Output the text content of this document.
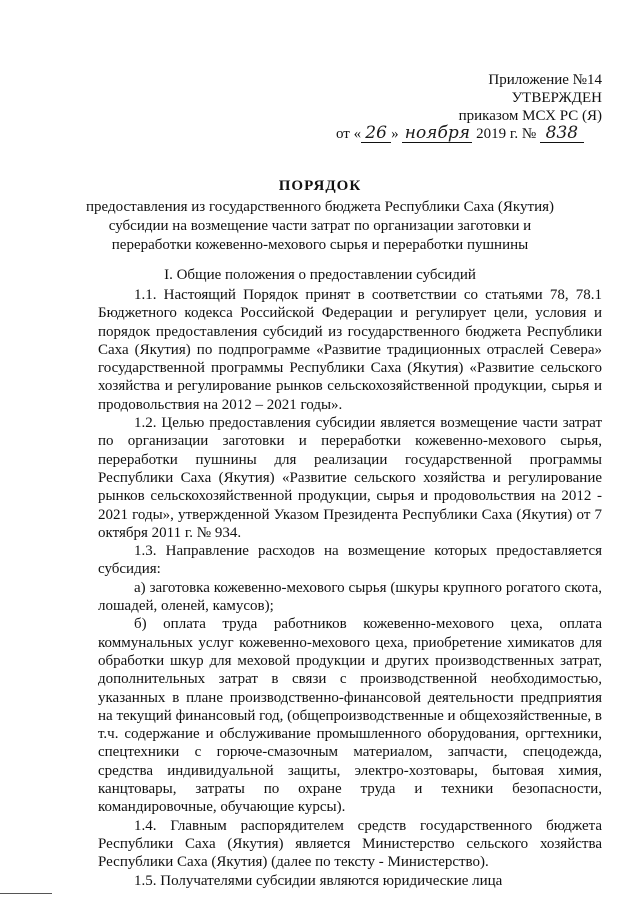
Приложение №14
УТВЕРЖДЕН
приказом МСХ РС (Я)
от « 26 » ноября 2019 г. № 838
ПОРЯДОК
предоставления из государственного бюджета Республики Саха (Якутия) субсидии на возмещение части затрат по организации заготовки и переработки кожевенно-мехового сырья и переработки пушнины
I. Общие положения о предоставлении субсидий

1.1. Настоящий Порядок принят в соответствии со статьями 78, 78.1 Бюджетного кодекса Российской Федерации и регулирует цели, условия и порядок предоставления субсидий из государственного бюджета Республики Саха (Якутия) по подпрограмме «Развитие традиционных отраслей Севера» государственной программы Республики Саха (Якутия) «Развитие сельского хозяйства и регулирование рынков сельскохозяйственной продукции, сырья и продовольствия на 2012 – 2021 годы».

1.2. Целью предоставления субсидии является возмещение части затрат по организации заготовки и переработки кожевенно-мехового сырья, переработки пушнины для реализации государственной программы Республики Саха (Якутия) «Развитие сельского хозяйства и регулирование рынков сельскохозяйственной продукции, сырья и продовольствия на 2012 - 2021 годы», утвержденной Указом Президента Республики Саха (Якутия) от 7 октября 2011 г. № 934.

1.3. Направление расходов на возмещение которых предоставляется субсидия:

а) заготовка кожевенно-мехового сырья (шкуры крупного рогатого скота, лошадей, оленей, камусов);

б) оплата труда работников кожевенно-мехового цеха, оплата коммунальных услуг кожевенно-мехового цеха, приобретение химикатов для обработки шкур для меховой продукции и других производственных затрат, дополнительных затрат в связи с производственной необходимостью, указанных в плане производственно-финансовой деятельности предприятия на текущий финансовый год, (общепроизводственные и общехозяйственные, в т.ч. содержание и обслуживание промышленного оборудования, оргтехники, спецтехники с горюче-смазочным материалом, запчасти, спецодежда, средства индивидуальной защиты, электро-хозтовары, бытовая химия, канцтовары, затраты по охране труда и техники безопасности, командировочные, обучающие курсы).

1.4. Главным распорядителем средств государственного бюджета Республики Саха (Якутия) является Министерство сельского хозяйства Республики Саха (Якутия) (далее по тексту - Министерство).

1.5. Получателями субсидии являются юридические лица
